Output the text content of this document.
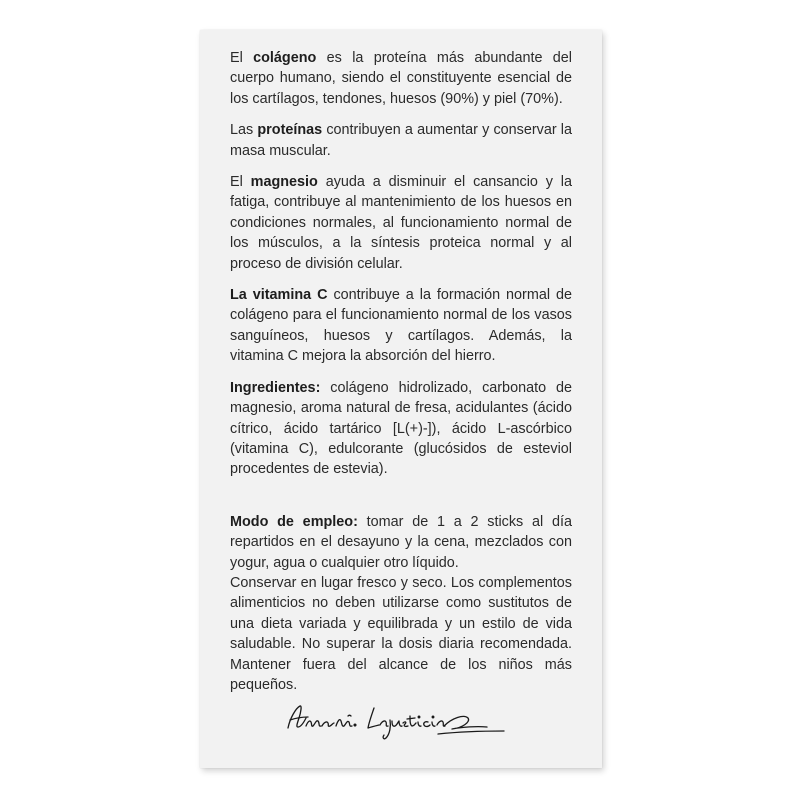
El colágeno es la proteína más abundante del cuerpo humano, siendo el constituyente esencial de los cartílagos, tendones, huesos (90%) y piel (70%).

Las proteínas contribuyen a aumentar y conservar la masa muscular.

El magnesio ayuda a disminuir el cansancio y la fatiga, contribuye al mantenimiento de los huesos en condiciones normales, al funcionamiento normal de los músculos, a la síntesis proteica normal y al proceso de división celular.

La vitamina C contribuye a la formación normal de colágeno para el funcionamiento normal de los vasos sanguíneos, huesos y cartílagos. Además, la vitamina C mejora la absorción del hierro.

Ingredientes: colágeno hidrolizado, carbonato de magnesio, aroma natural de fresa, acidulantes (ácido cítrico, ácido tartárico [L(+)-]), ácido L-ascórbico (vitamina C), edulcorante (glucósidos de esteviol procedentes de estevia).

Modo de empleo: tomar de 1 a 2 sticks al día repartidos en el desayuno y la cena, mezclados con yogur, agua o cualquier otro líquido.

Conservar en lugar fresco y seco. Los complementos alimenticios no deben utilizarse como sustitutos de una dieta variada y equilibrada y un estilo de vida saludable. No superar la dosis diaria recomendada. Mantener fuera del alcance de los niños más pequeños.
